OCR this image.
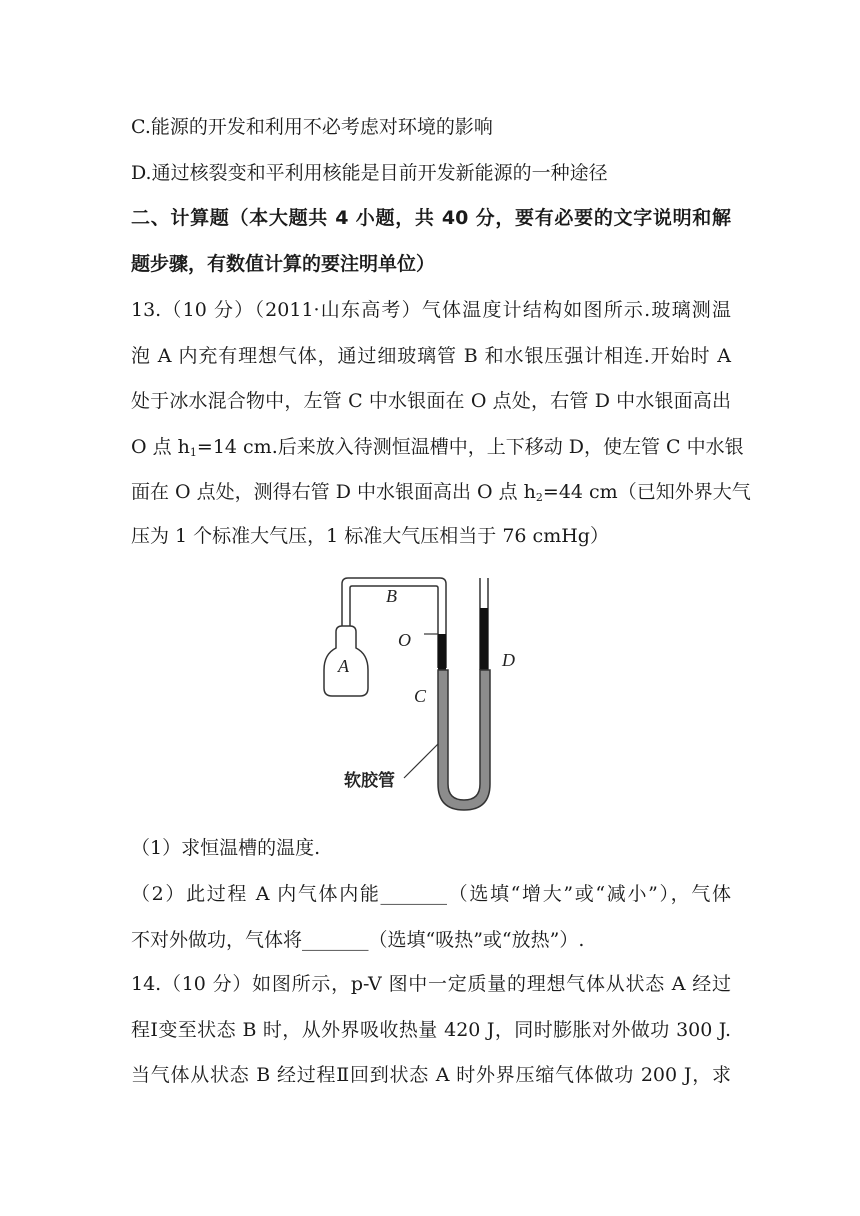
C.能源的开发和利用不必考虑对环境的影响
D.通过核裂变和平利用核能是目前开发新能源的一种途径
二、计算题（本大题共 4 小题，共 40 分，要有必要的文字说明和解
题步骤，有数值计算的要注明单位）
13.（10 分）（2011·山东高考）气体温度计结构如图所示.玻璃测温
泡 A 内充有理想气体，通过细玻璃管 B 和水银压强计相连.开始时 A
处于冰水混合物中，左管 C 中水银面在 O 点处，右管 D 中水银面高出
O 点 $h_1=14$ cm.后来放入待测恒温槽中，上下移动 D，使左管 C 中水银
面在 O 点处，测得右管 D 中水银面高出 O 点 $h_2=44$ cm（已知外界大气
压为 1 个标准大气压，1 标准大气压相当于 76 cmHg）
A
B
O
D
C
软胶管
（1）求恒温槽的温度.
（2）此过程 A 内气体内能_______（选填“增大”或“减小”），气体
不对外做功，气体将_______（选填“吸热”或“放热”）.
14.（10 分）如图所示，p-V 图中一定质量的理想气体从状态 A 经过
程Ⅰ变至状态 B 时，从外界吸收热量 420 J，同时膨胀对外做功 300 J.
当气体从状态 B 经过程Ⅱ回到状态 A 时外界压缩气体做功 200 J，求
